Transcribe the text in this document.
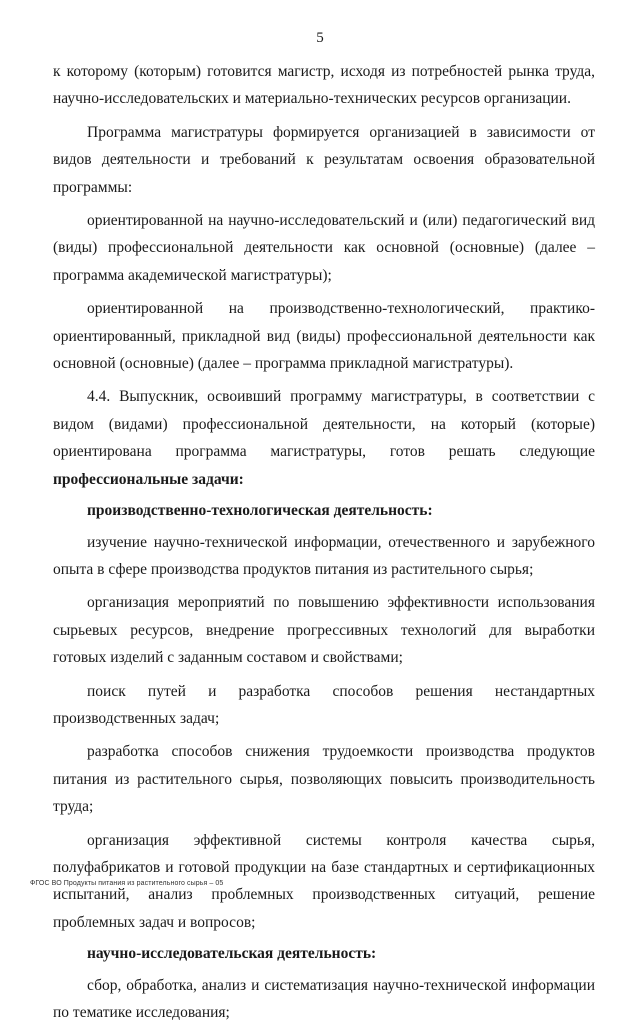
5

к которому (которым) готовится магистр, исходя из потребностей рынка труда, научно-исследовательских и материально-технических ресурсов организации.

Программа магистратуры формируется организацией в зависимости от видов деятельности и требований к результатам освоения образовательной программы:

ориентированной на научно-исследовательский и (или) педагогический вид (виды) профессиональной деятельности как основной (основные) (далее – программа академической магистратуры);

ориентированной на производственно-технологический, практико-ориентированный, прикладной вид (виды) профессиональной деятельности как основной (основные) (далее – программа прикладной магистратуры).

4.4. Выпускник, освоивший программу магистратуры, в соответствии с видом (видами) профессиональной деятельности, на который (которые) ориентирована программа магистратуры, готов решать следующие профессиональные задачи:

производственно-технологическая деятельность:

изучение научно-технической информации, отечественного и зарубежного опыта в сфере производства продуктов питания из растительного сырья;

организация мероприятий по повышению эффективности использования сырьевых ресурсов, внедрение прогрессивных технологий для выработки готовых изделий с заданным составом и свойствами;

поиск путей и разработка способов решения нестандартных производственных задач;

разработка способов снижения трудоемкости производства продуктов питания из растительного сырья, позволяющих повысить производительность труда;

организация эффективной системы контроля качества сырья, полуфабрикатов и готовой продукции на базе стандартных и сертификационных испытаний, анализ проблемных производственных ситуаций, решение проблемных задач и вопросов;

научно-исследовательская деятельность:

сбор, обработка, анализ и систематизация научно-технической информации по тематике исследования;

ФГОС ВО Продукты питания из растительного сырья – 05
